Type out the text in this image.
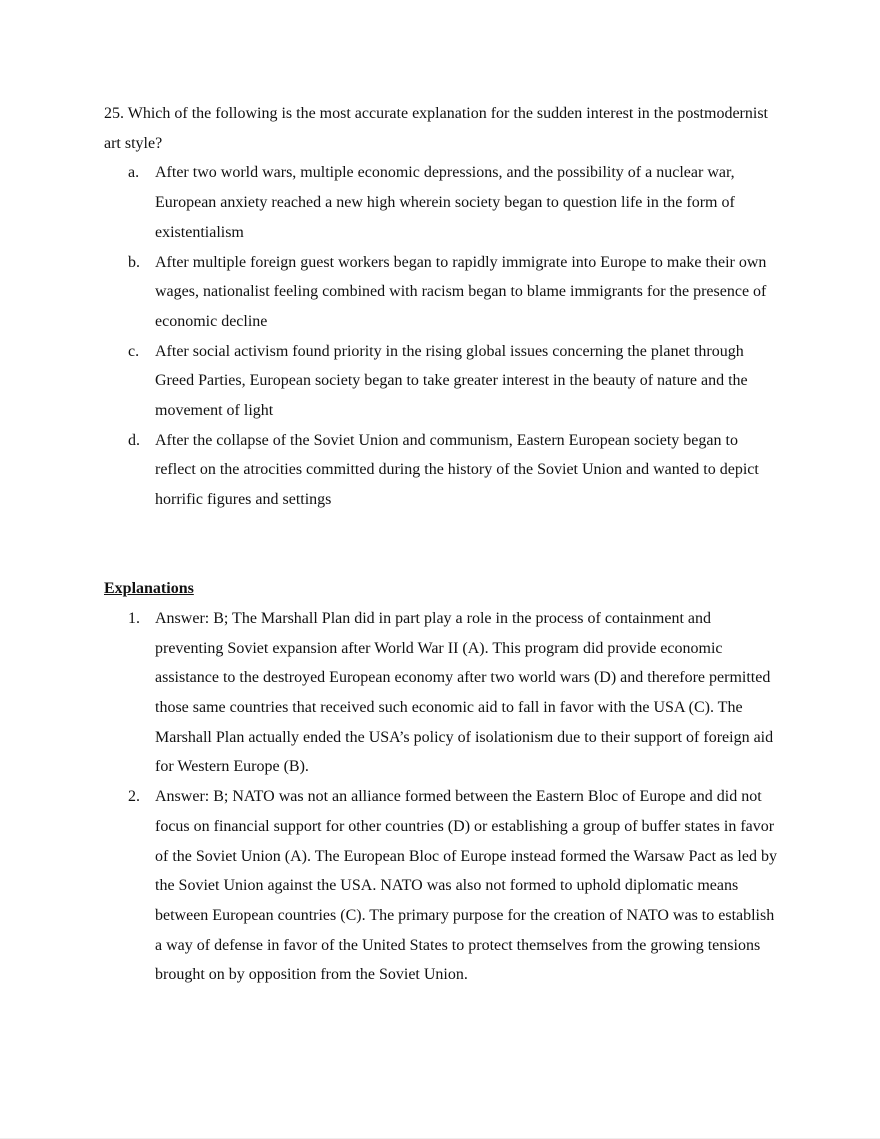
25. Which of the following is the most accurate explanation for the sudden interest in the postmodernist art style?

a. After two world wars, multiple economic depressions, and the possibility of a nuclear war, European anxiety reached a new high wherein society began to question life in the form of existentialism
b. After multiple foreign guest workers began to rapidly immigrate into Europe to make their own wages, nationalist feeling combined with racism began to blame immigrants for the presence of economic decline
c. After social activism found priority in the rising global issues concerning the planet through Greed Parties, European society began to take greater interest in the beauty of nature and the movement of light
d. After the collapse of the Soviet Union and communism, Eastern European society began to reflect on the atrocities committed during the history of the Soviet Union and wanted to depict horrific figures and settings

Explanations

1. Answer: B; The Marshall Plan did in part play a role in the process of containment and preventing Soviet expansion after World War II (A). This program did provide economic assistance to the destroyed European economy after two world wars (D) and therefore permitted those same countries that received such economic aid to fall in favor with the USA (C). The Marshall Plan actually ended the USA’s policy of isolationism due to their support of foreign aid for Western Europe (B).
2. Answer: B; NATO was not an alliance formed between the Eastern Bloc of Europe and did not focus on financial support for other countries (D) or establishing a group of buffer states in favor of the Soviet Union (A). The European Bloc of Europe instead formed the Warsaw Pact as led by the Soviet Union against the USA. NATO was also not formed to uphold diplomatic means between European countries (C). The primary purpose for the creation of NATO was to establish a way of defense in favor of the United States to protect themselves from the growing tensions brought on by opposition from the Soviet Union.
